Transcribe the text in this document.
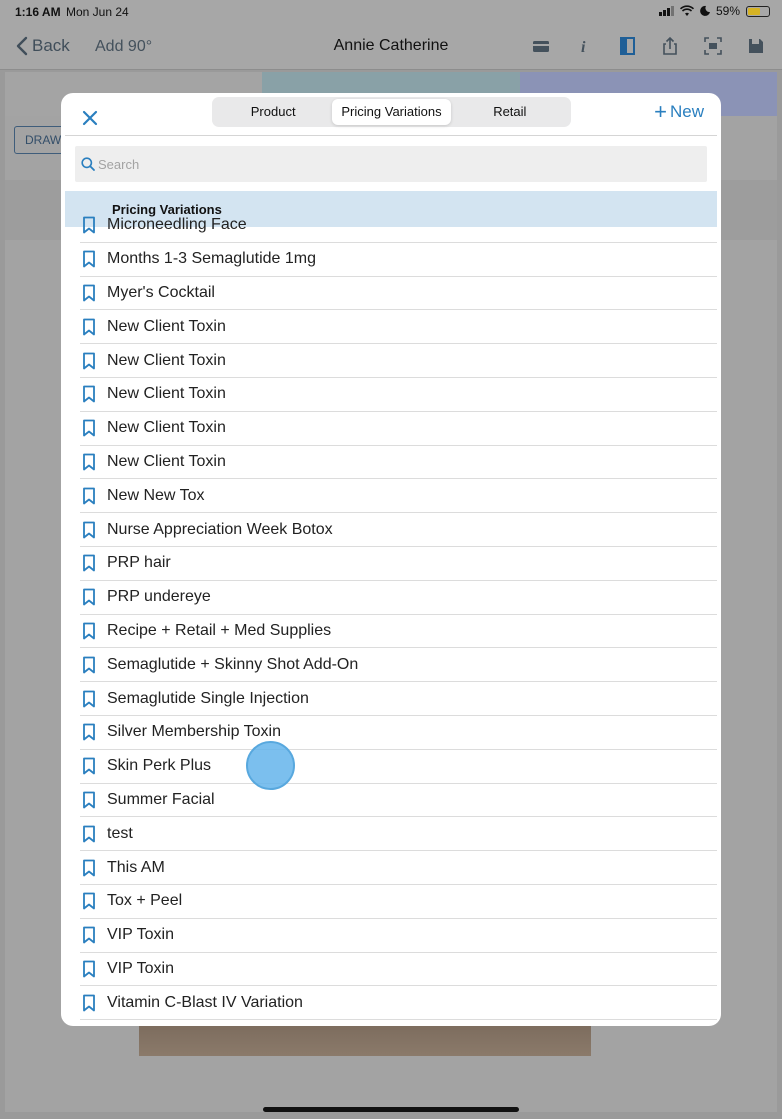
1:16 AM Mon Jun 24	59%
Back Add 90°	Annie Catherine	i
DRAW
Product	Pricing Variations	Retail	+ New
Search
Pricing Variations
Microneedling Face
Months 1-3 Semaglutide 1mg
Myer's Cocktail
New Client Toxin
New Client Toxin
New Client Toxin
New Client Toxin
New Client Toxin
New New Tox
Nurse Appreciation Week Botox
PRP hair
PRP undereye
Recipe + Retail + Med Supplies
Semaglutide + Skinny Shot Add-On
Semaglutide Single Injection
Silver Membership Toxin
Skin Perk Plus
Summer Facial
test
This AM
Tox + Peel
VIP Toxin
VIP Toxin
Vitamin C-Blast IV Variation
